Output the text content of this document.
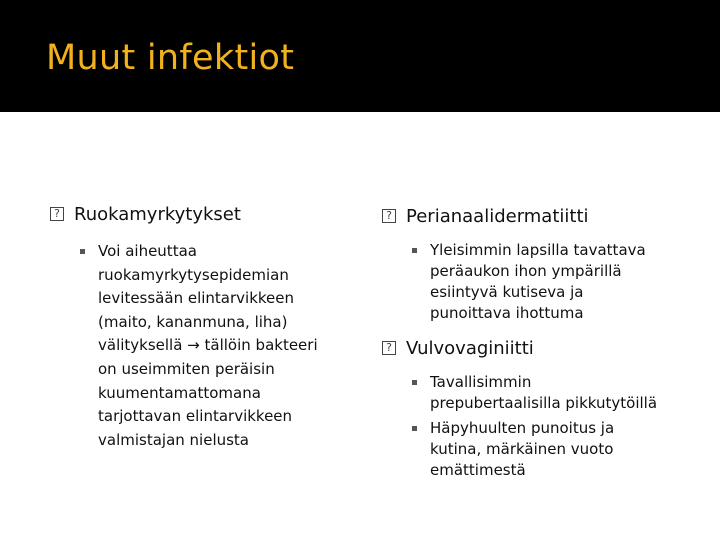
Muut infektiot

? Ruokamyrkytykset

Voi aiheuttaa
ruokamyrkytysepidemian
levitessään elintarvikkeen
(maito, kananmuna, liha)
välityksellä → tällöin bakteeri
on useimmiten peräisin
kuumentamattomana
tarjottavan elintarvikkeen
valmistajan nielusta

? Perianaalidermatiitti

Yleisimmin lapsilla tavattava
peräaukon ihon ympärillä
esiintyvä kutiseva ja
punoittava ihottuma

? Vulvovaginiitti

Tavallisimmin
prepubertaalisilla pikkutytöillä

Häpyhuulten punoitus ja
kutina, märkäinen vuoto
emättimestä
